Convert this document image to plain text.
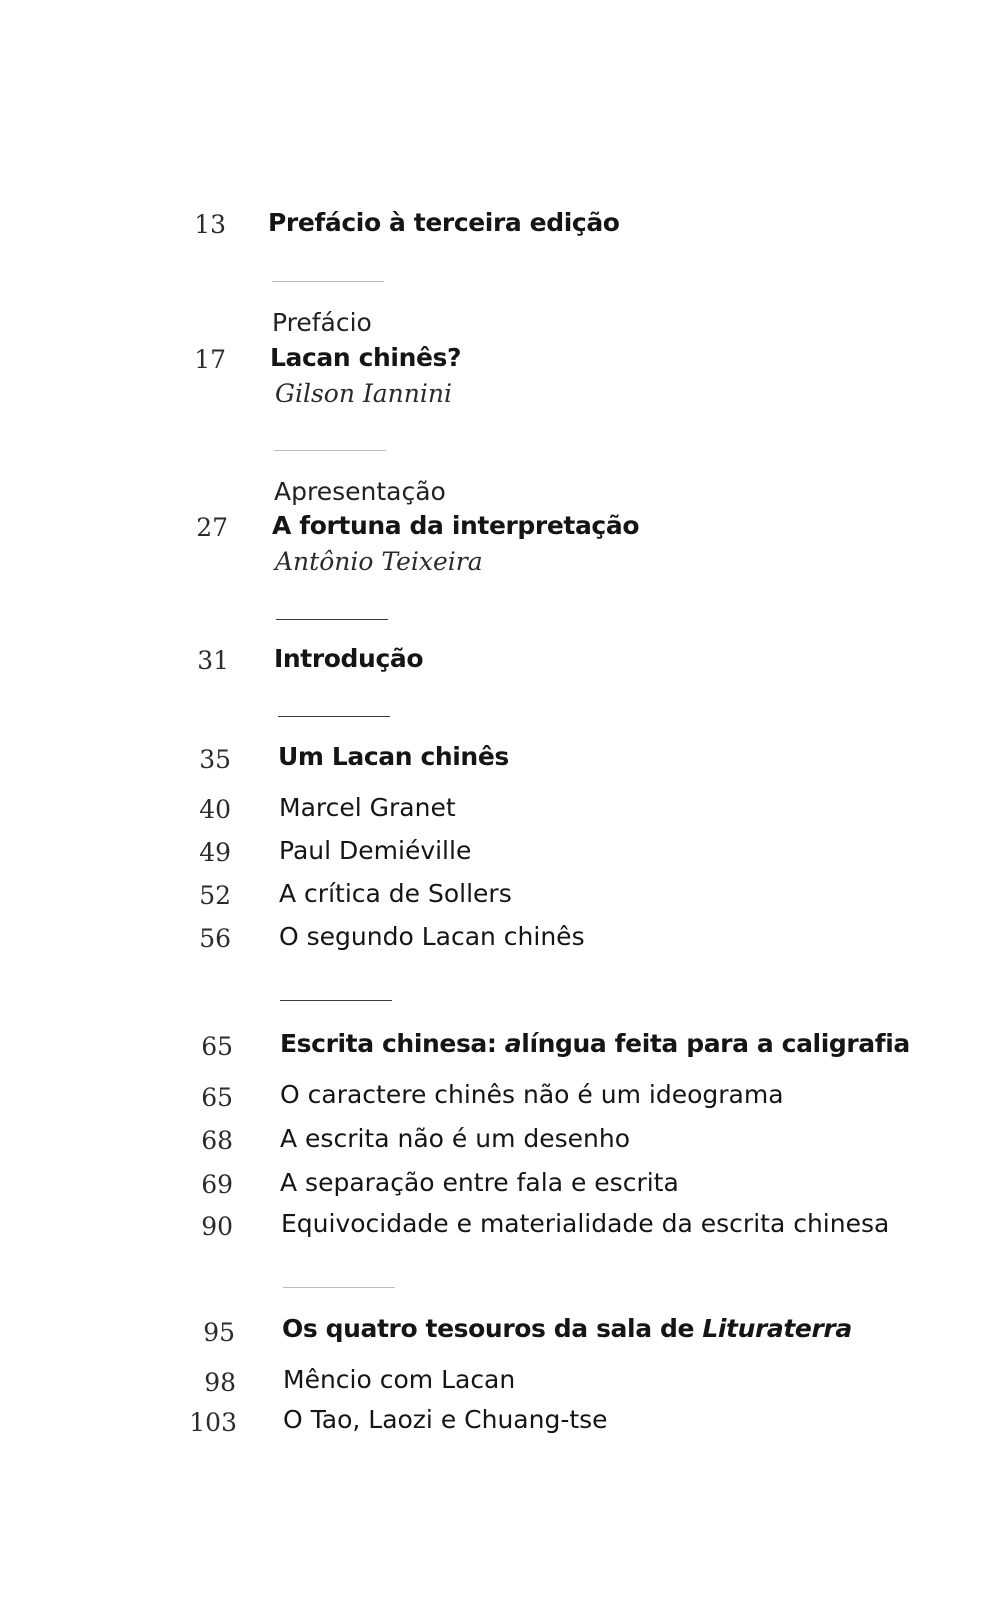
13 Prefácio à terceira edição
Prefácio
17 Lacan chinês?
Gilson Iannini
Apresentação
27 A fortuna da interpretação
Antônio Teixeira
31 Introdução
35 Um Lacan chinês
40 Marcel Granet
49 Paul Demiéville
52 A crítica de Sollers
56 O segundo Lacan chinês
65 Escrita chinesa: alíngua feita para a caligrafia
65 O caractere chinês não é um ideograma
68 A escrita não é um desenho
69 A separação entre fala e escrita
90 Equivocidade e materialidade da escrita chinesa
95 Os quatro tesouros da sala de Lituraterra
98 Mêncio com Lacan
103 O Tao, Laozi e Chuang-tse
